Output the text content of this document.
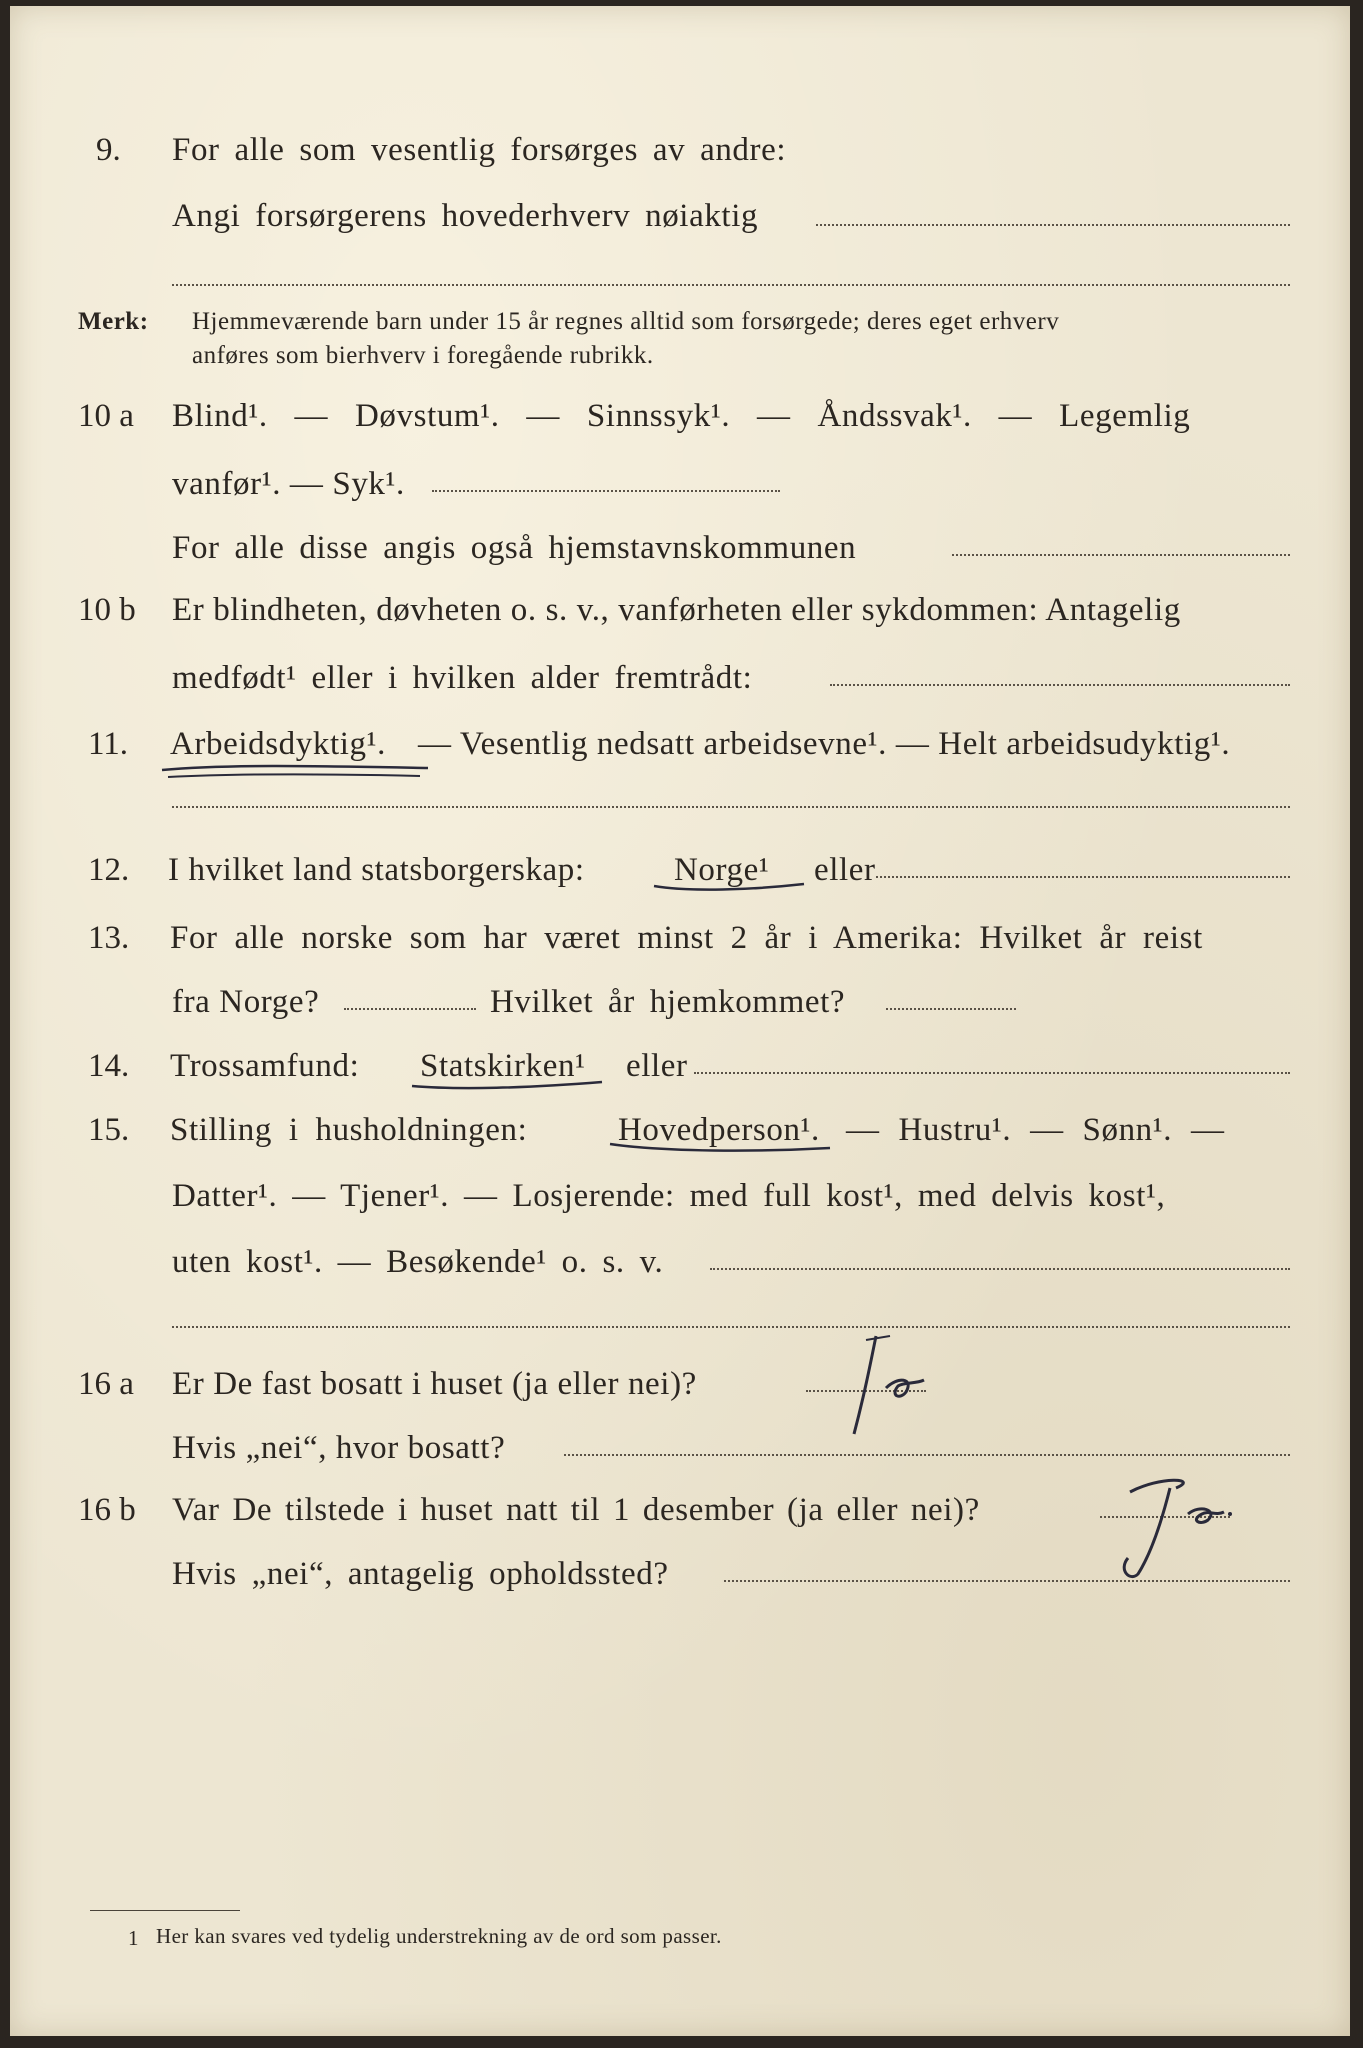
9. For alle som vesentlig forsørges av andre:
Angi forsørgerens hovederhverv nøiaktig
Merk: Hjemmeværende barn under 15 år regnes alltid som forsørgede; deres eget erhverv
anføres som bierhverv i foregående rubrikk.
10 a Blind¹. — Døvstum¹. — Sinnssyk¹. — Åndssvak¹. — Legemlig
vanfør¹. — Syk¹.
For alle disse angis også hjemstavnskommunen
10 b Er blindheten, døvheten o. s. v., vanførheten eller sykdommen: Antagelig
medfødt¹ eller i hvilken alder fremtrådt:
11. Arbeidsdyktig¹. — Vesentlig nedsatt arbeidsevne¹. — Helt arbeidsudyktig¹.
12. I hvilket land statsborgerskap:	Norge¹ eller
13. For alle norske som har været minst 2 år i Amerika: Hvilket år reist
fra Norge?	Hvilket år hjemkommet?
14. Trossamfund: Statskirken¹ eller
15. Stilling i husholdningen:	Hovedperson¹. — Hustru¹. — Sønn¹. —
Datter¹. — Tjener¹. — Losjerende: med full kost¹, med delvis kost¹,
uten kost¹. — Besøkende¹ o. s. v.
16 a Er De fast bosatt i huset (ja eller nei)?
Hvis „nei“, hvor bosatt?
16 b Var De tilstede i huset natt til 1 desember (ja eller nei)?
Hvis „nei“, antagelig opholdssted?
1 Her kan svares ved tydelig understrekning av de ord som passer.
